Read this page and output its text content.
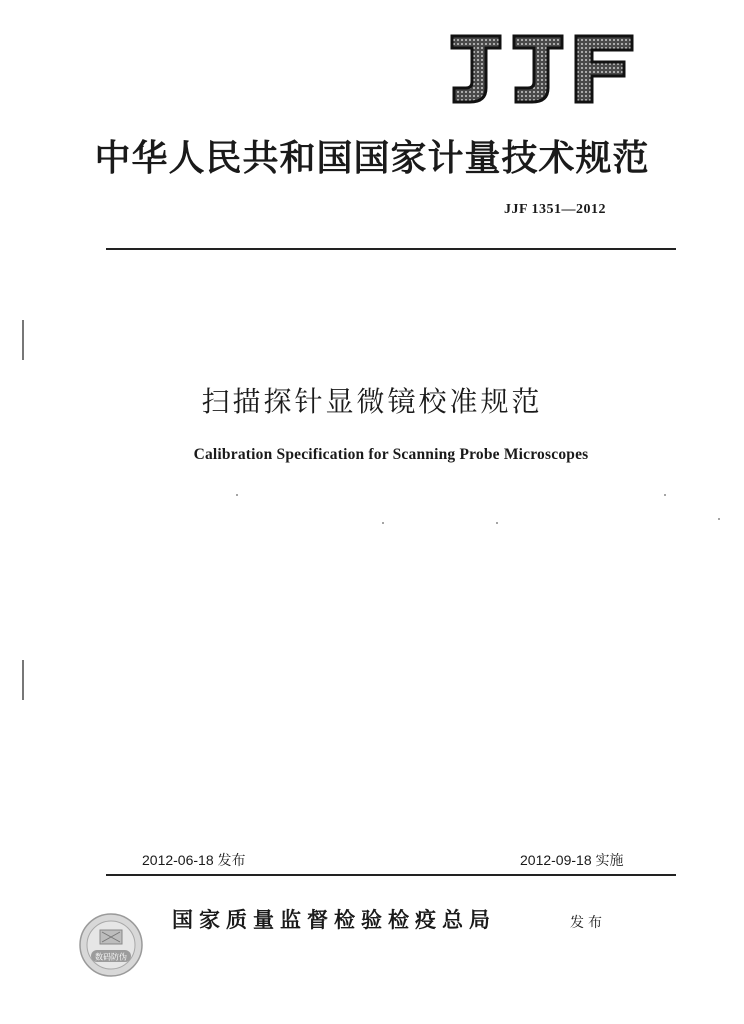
中华人民共和国国家计量技术规范
JJF 1351—2012
扫描探针显微镜校准规范
Calibration Specification for Scanning Probe Microscopes
2012-06-18 发布	2012-09-18 实施
数码防伪
国家质量监督检验检疫总局	发布
